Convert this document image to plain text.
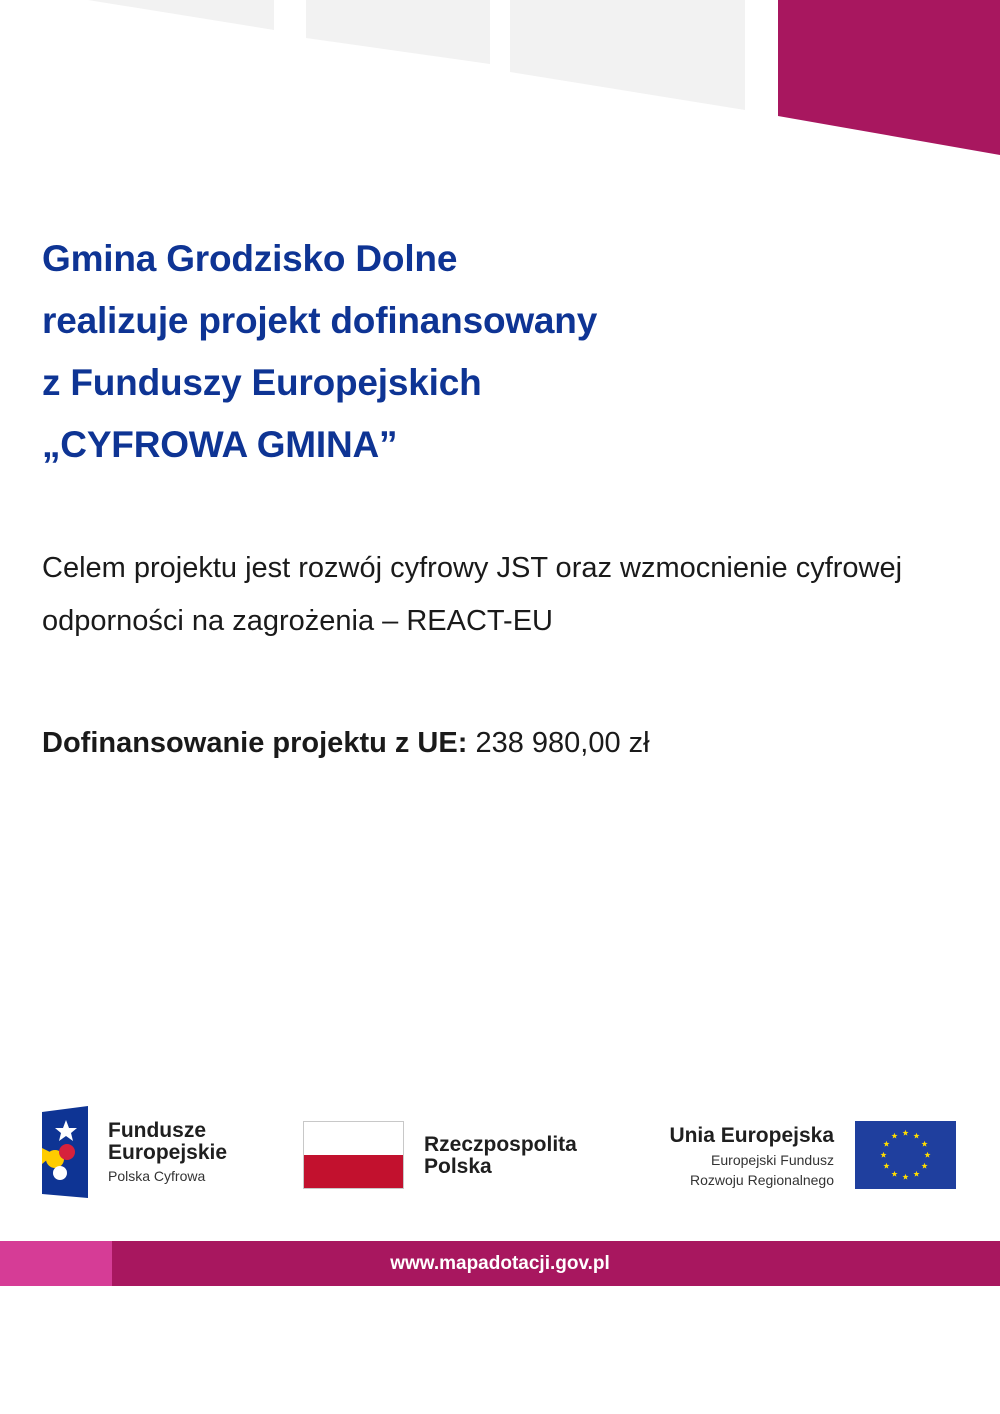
Gmina Grodzisko Dolne
realizuje projekt dofinansowany
z Funduszy Europejskich
„CYFROWA GMINA”
Celem projektu jest rozwój cyfrowy JST oraz wzmocnienie cyfrowej odporności na zagrożenia – REACT-EU
Dofinansowanie projektu z UE: 238 980,00 zł
Fundusze
Europejskie
Polska Cyfrowa
Rzeczpospolita
Polska
Unia Europejska
Europejski Fundusz
Rozwoju Regionalnego
www.mapadotacji.gov.pl
